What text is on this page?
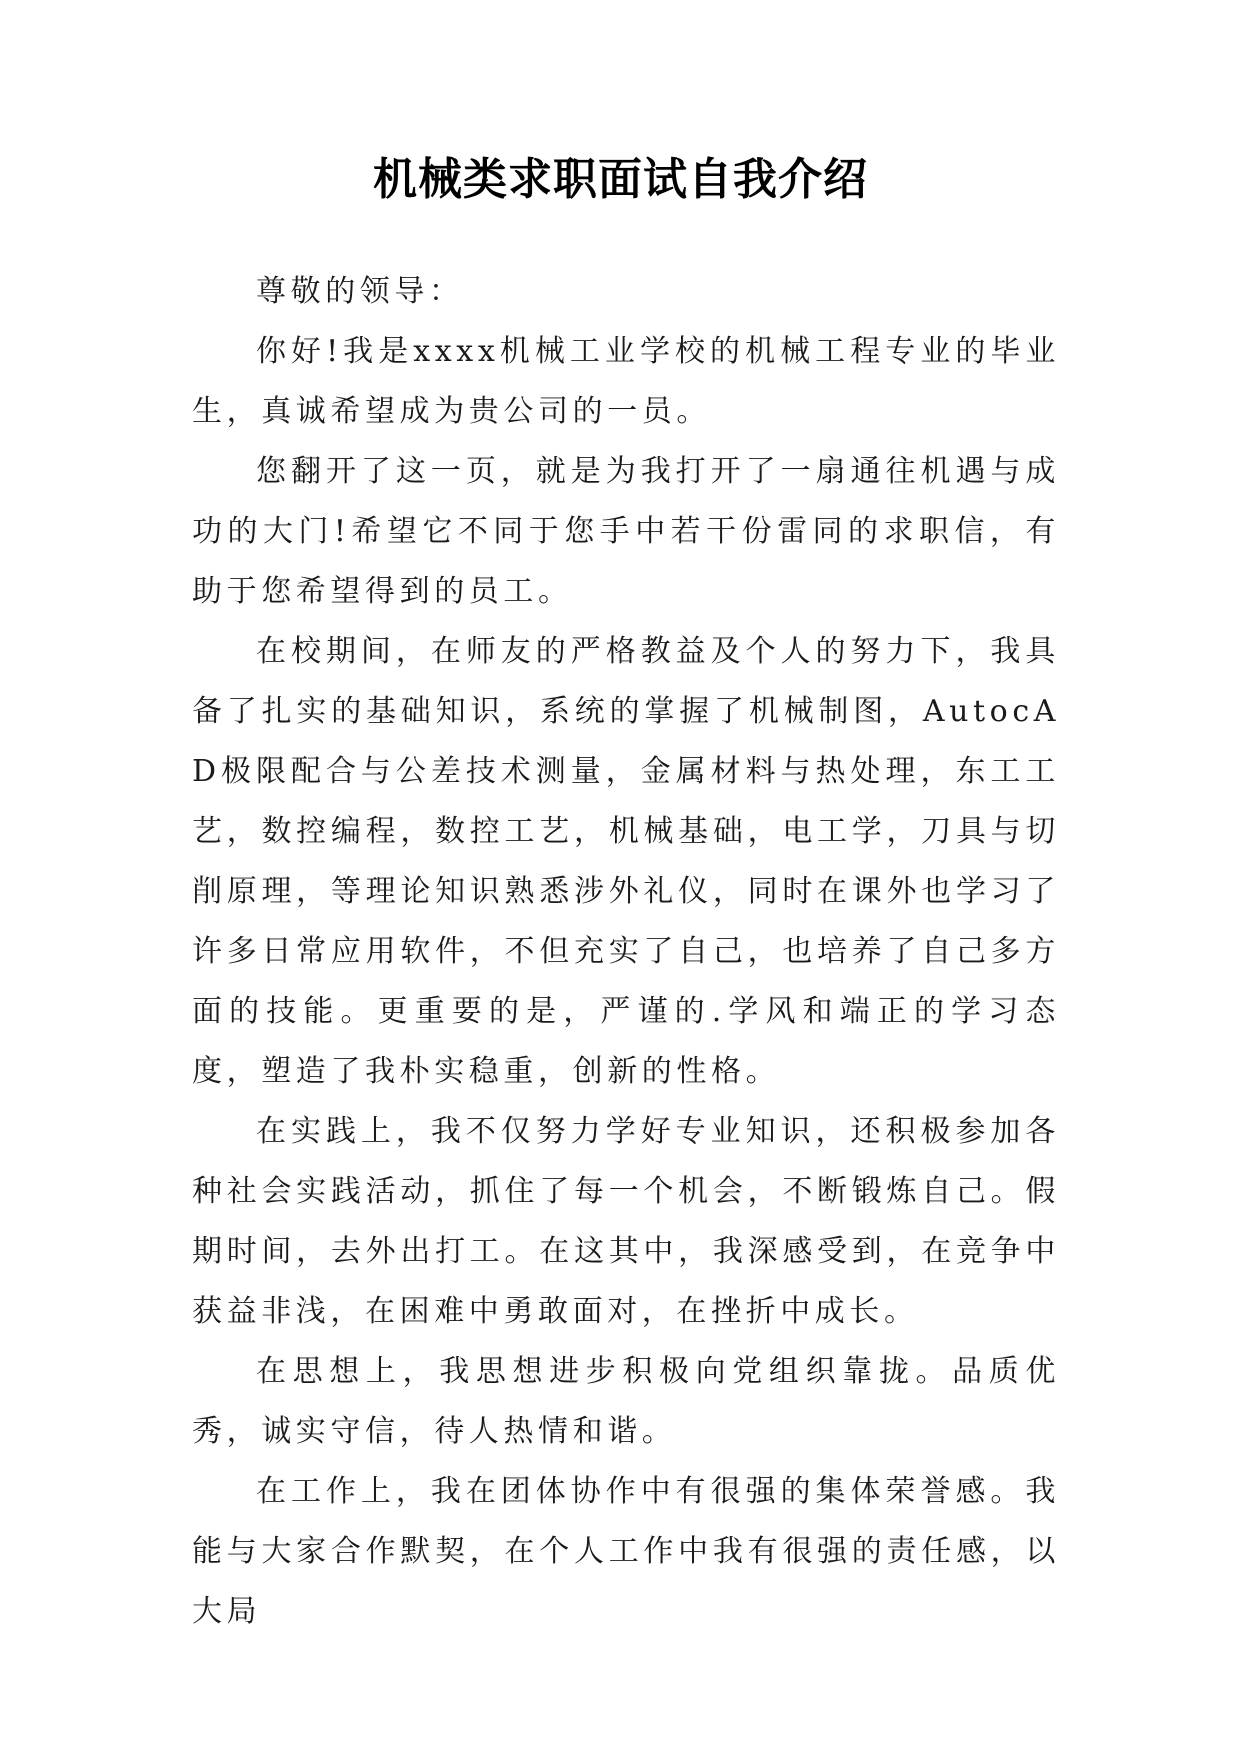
机械类求职面试自我介绍

尊敬的领导：

你好!我是xxxx机械工业学校的机械工程专业的毕业生，真诚希望成为贵公司的一员。

您翻开了这一页，就是为我打开了一扇通往机遇与成功的大门!希望它不同于您手中若干份雷同的求职信，有助于您希望得到的员工。

在校期间，在师友的严格教益及个人的努力下，我具备了扎实的基础知识，系统的掌握了机械制图，AutocAD极限配合与公差技术测量，金属材料与热处理，东工工艺，数控编程，数控工艺，机械基础，电工学，刀具与切削原理，等理论知识熟悉涉外礼仪，同时在课外也学习了许多日常应用软件，不但充实了自己，也培养了自己多方面的技能。更重要的是，严谨的.学风和端正的学习态度，塑造了我朴实稳重，创新的性格。

在实践上，我不仅努力学好专业知识，还积极参加各种社会实践活动，抓住了每一个机会，不断锻炼自己。假期时间，去外出打工。在这其中，我深感受到，在竞争中获益非浅，在困难中勇敢面对，在挫折中成长。

在思想上，我思想进步积极向党组织靠拢。品质优秀，诚实守信，待人热情和谐。

在工作上，我在团体协作中有很强的集体荣誉感。我能与大家合作默契，在个人工作中我有很强的责任感，以大局
